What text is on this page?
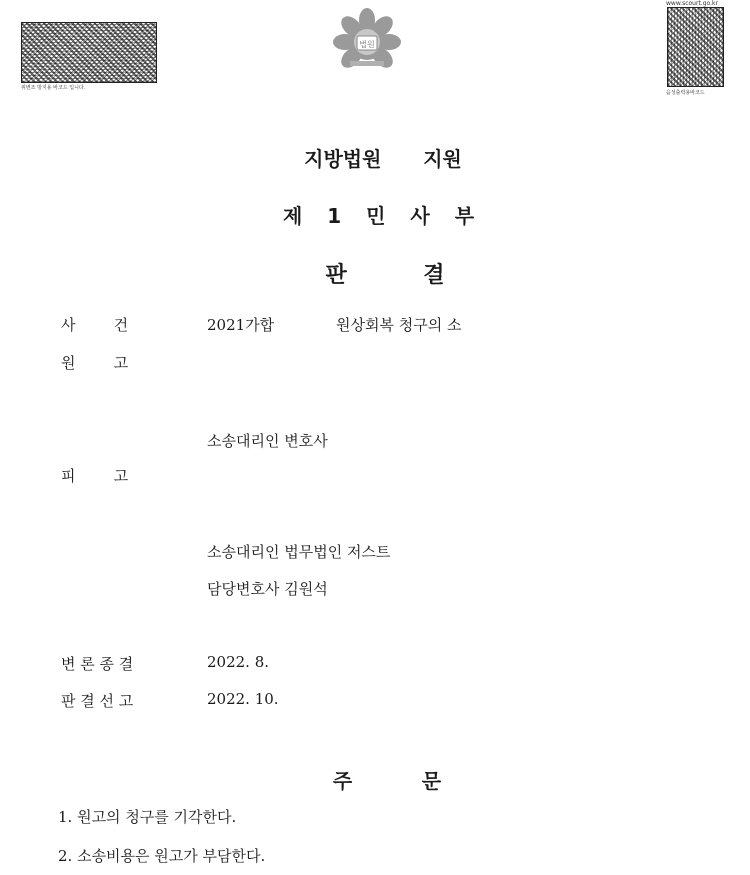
위변조 방지용 바코드 입니다.
www.scourt.go.kr
음성출력용바코드
법원
지방법원      지원
제 1 민 사 부
판          결
사        건	2021가합	원상회복 청구의 소
원        고
소송대리인 변호사
피        고
소송대리인 법무법인 저스트
담당변호사 김원석
변 론 종 결	2022. 8.
판 결 선 고	2022. 10.
주          문
1. 원고의 청구를 기각한다.
2. 소송비용은 원고가 부담한다.
